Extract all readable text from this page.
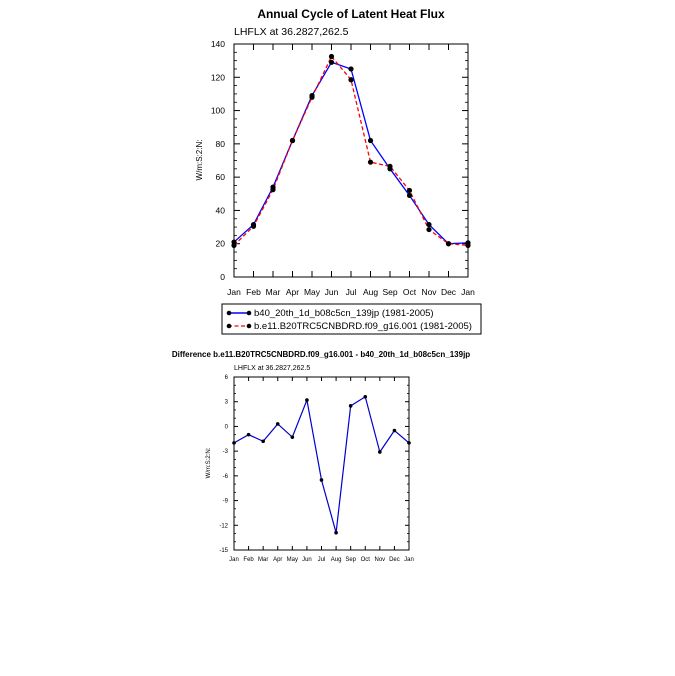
Annual Cycle of Latent Heat Flux
LHFLX at 36.2827,262.5
W/m:S:2:N:
Jan Feb Mar Apr May Jun Jul Aug Sep Oct Nov Dec Jan
0
20
40
60
80
100
120
140
b40_20th_1d_b08c5cn_139jp (1981-2005)
b.e11.B20TRC5CNBDRD.f09_g16.001 (1981-2005)
Difference b.e11.B20TRC5CNBDRD.f09_g16.001 - b40_20th_1d_b08c5cn_139jp
LHFLX at 36.2827,262.5
W/m:S:2:N:
Jan Feb Mar Apr May Jun Jul Aug Sep Oct Nov Dec Jan
-15
-12
-9
-6
-3
0
3
6
